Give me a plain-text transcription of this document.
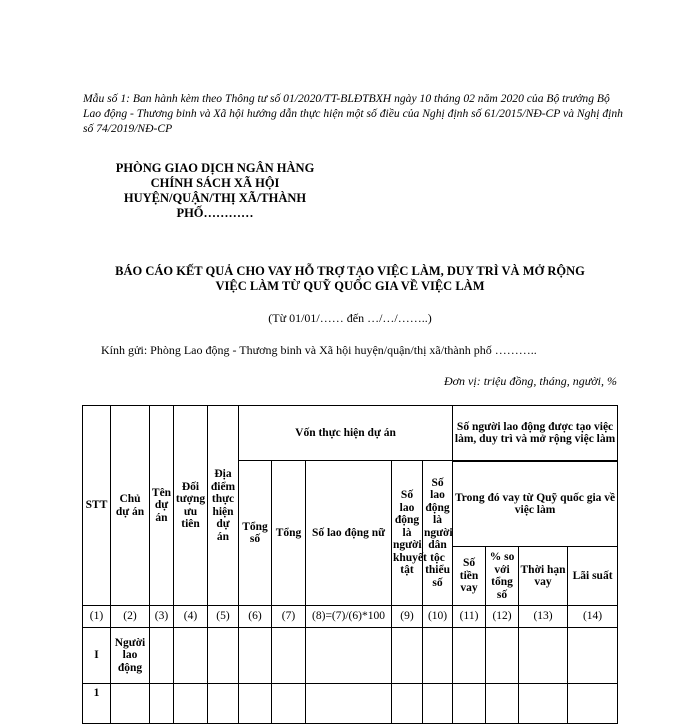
Mẫu số 1: Ban hành kèm theo Thông tư số 01/2020/TT-BLĐTBXH ngày 10 tháng 02 năm 2020 của Bộ trưởng Bộ Lao động - Thương binh và Xã hội hướng dẫn thực hiện một số điều của Nghị định số 61/2015/NĐ-CP và Nghị định số 74/2019/NĐ-CP
PHÒNG GIAO DỊCH NGÂN HÀNG
CHÍNH SÁCH XÃ HỘI
HUYỆN/QUẬN/THỊ XÃ/THÀNH
PHỐ…………
BÁO CÁO KẾT QUẢ CHO VAY HỖ TRỢ TẠO VIỆC LÀM, DUY TRÌ VÀ MỞ RỘNG
VIỆC LÀM TỪ QUỸ QUỐC GIA VỀ VIỆC LÀM
(Từ 01/01/…… đến …/…/……..)
Kính gửi: Phòng Lao động - Thương binh và Xã hội huyện/quận/thị xã/thành phố ………..
Đơn vị: triệu đồng, tháng, người, %
STT	Chủ dự án	Tên dự án	Đối tượng ưu tiên	Địa điểm thực hiện dự án	Vốn thực hiện dự án					Số người lao động được tạo việc làm, duy trì và mở rộng việc làm			
					Tổng số	Tổng	Số lao động nữ	Số lao động là người khuyết tật	Số lao động là người dân tộc thiểu số				
										Trong đó vay từ Quỹ quốc gia về việc làm			
										Số tiền vay	% so với tổng số	Thời hạn vay	Lãi suất
(1)	(2)	(3)	(4)	(5)	(6)	(7)	(8)=(7)/(6)*100	(9)	(10)	(11)	(12)	(13)	(14)
I	Người lao động												
1													
